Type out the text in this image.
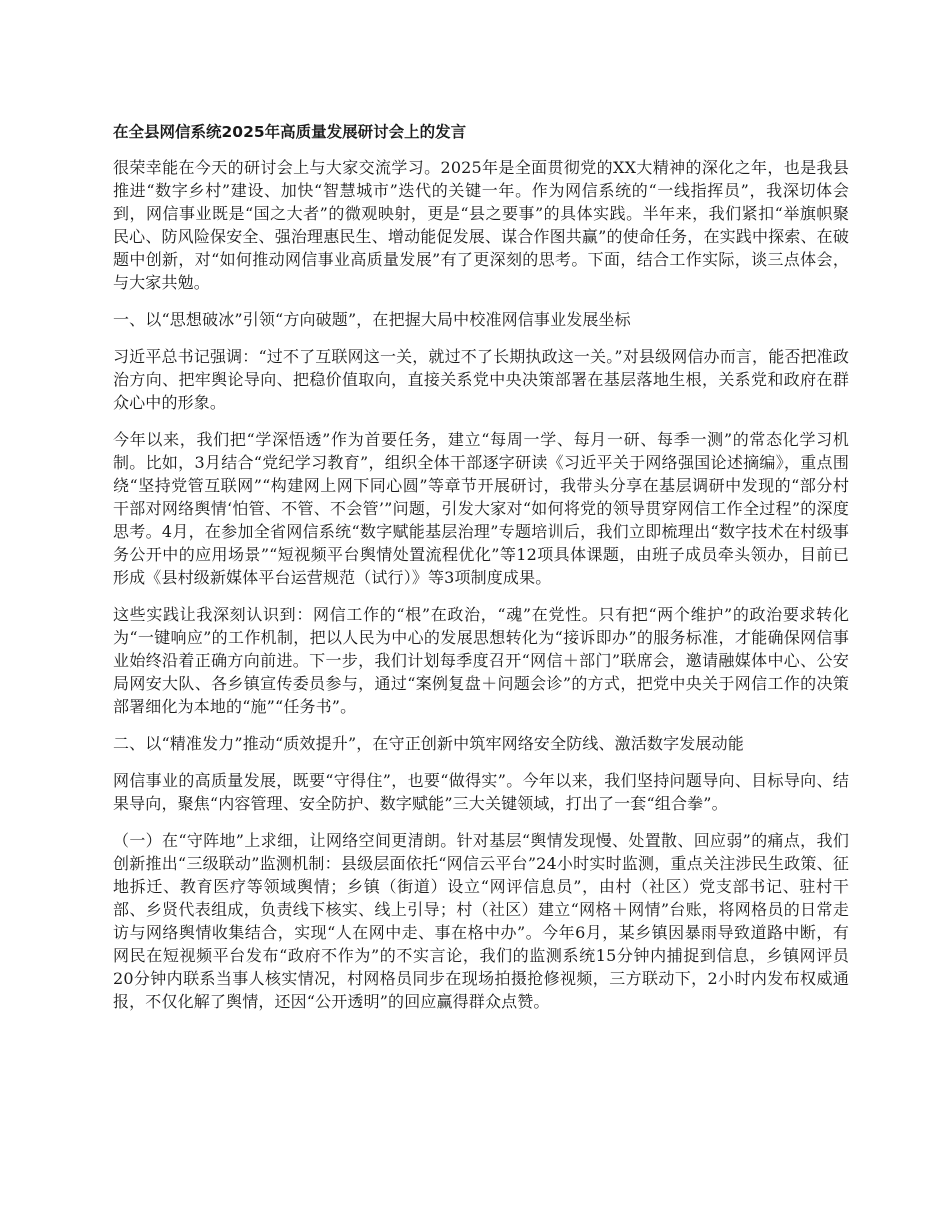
在全县网信系统2025年高质量发展研讨会上的发言
很荣幸能在今天的研讨会上与大家交流学习。2025年是全面贯彻党的XX大精神的深化之年，也是我县推进“数字乡村”建设、加快“智慧城市”迭代的关键一年。作为网信系统的“一线指挥员”，我深切体会到，网信事业既是“国之大者”的微观映射，更是“县之要事”的具体实践。半年来，我们紧扣“举旗帜聚民心、防风险保安全、强治理惠民生、增动能促发展、谋合作图共赢”的使命任务，在实践中探索、在破题中创新，对“如何推动网信事业高质量发展”有了更深刻的思考。下面，结合工作实际，谈三点体会，与大家共勉。
一、以“思想破冰”引领“方向破题”，在把握大局中校准网信事业发展坐标
习近平总书记强调：“过不了互联网这一关，就过不了长期执政这一关。”对县级网信办而言，能否把准政治方向、把牢舆论导向、把稳价值取向，直接关系党中央决策部署在基层落地生根，关系党和政府在群众心中的形象。
今年以来，我们把“学深悟透”作为首要任务，建立“每周一学、每月一研、每季一测”的常态化学习机制。比如，3月结合“党纪学习教育”，组织全体干部逐字研读《习近平关于网络强国论述摘编》，重点围绕“坚持党管互联网”“构建网上网下同心圆”等章节开展研讨，我带头分享在基层调研中发现的“部分村干部对网络舆情‘怕管、不管、不会管’”问题，引发大家对“如何将党的领导贯穿网信工作全过程”的深度思考。4月，在参加全省网信系统“数字赋能基层治理”专题培训后，我们立即梳理出“数字技术在村级事务公开中的应用场景”“短视频平台舆情处置流程优化”等12项具体课题，由班子成员牵头领办，目前已形成《县村级新媒体平台运营规范（试行）》等3项制度成果。
这些实践让我深刻认识到：网信工作的“根”在政治，“魂”在党性。只有把“两个维护”的政治要求转化为“一键响应”的工作机制，把以人民为中心的发展思想转化为“接诉即办”的服务标准，才能确保网信事业始终沿着正确方向前进。下一步，我们计划每季度召开“网信＋部门”联席会，邀请融媒体中心、公安局网安大队、各乡镇宣传委员参与，通过“案例复盘＋问题会诊”的方式，把党中央关于网信工作的决策部署细化为本地的“施”“任务书”。
二、以“精准发力”推动“质效提升”，在守正创新中筑牢网络安全防线、激活数字发展动能
网信事业的高质量发展，既要“守得住”，也要“做得实”。今年以来，我们坚持问题导向、目标导向、结果导向，聚焦“内容管理、安全防护、数字赋能”三大关键领域，打出了一套“组合拳”。
（一）在“守阵地”上求细，让网络空间更清朗。针对基层“舆情发现慢、处置散、回应弱”的痛点，我们创新推出“三级联动”监测机制：县级层面依托“网信云平台”24小时实时监测，重点关注涉民生政策、征地拆迁、教育医疗等领域舆情；乡镇（街道）设立“网评信息员”，由村（社区）党支部书记、驻村干部、乡贤代表组成，负责线下核实、线上引导；村（社区）建立“网格＋网情”台账，将网格员的日常走访与网络舆情收集结合，实现“人在网中走、事在格中办”。今年6月，某乡镇因暴雨导致道路中断，有网民在短视频平台发布“政府不作为”的不实言论，我们的监测系统15分钟内捕捉到信息，乡镇网评员20分钟内联系当事人核实情况，村网格员同步在现场拍摄抢修视频，三方联动下，2小时内发布权威通报，不仅化解了舆情，还因“公开透明”的回应赢得群众点赞。
